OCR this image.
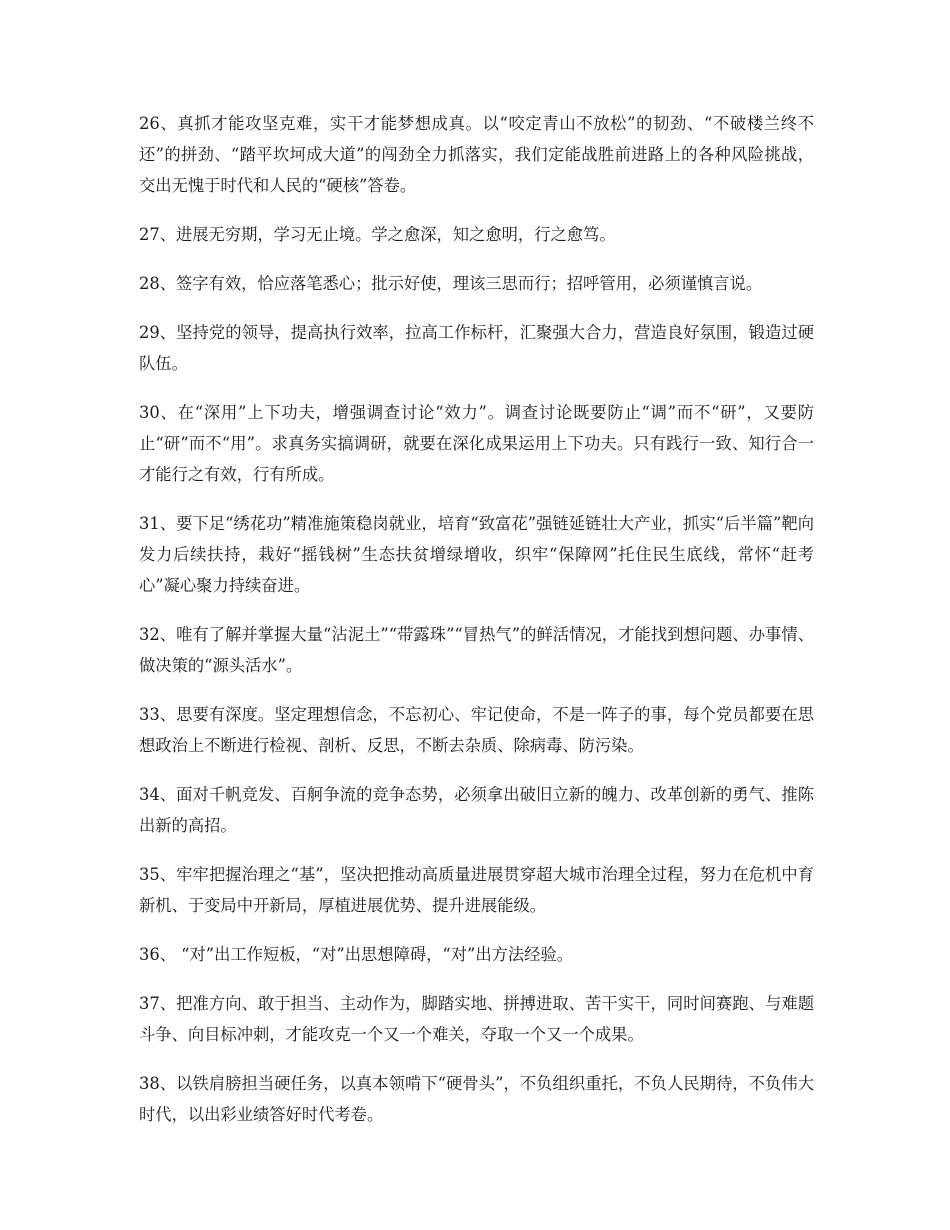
26、真抓才能攻坚克难，实干才能梦想成真。以“咬定青山不放松”的韧劲、“不破楼兰终不还”的拼劲、“踏平坎坷成大道”的闯劲全力抓落实，我们定能战胜前进路上的各种风险挑战，交出无愧于时代和人民的“硬核”答卷。

27、进展无穷期，学习无止境。学之愈深，知之愈明，行之愈笃。

28、签字有效，恰应落笔悉心；批示好使，理该三思而行；招呼管用，必须谨慎言说。

29、坚持党的领导，提高执行效率，拉高工作标杆，汇聚强大合力，营造良好氛围，锻造过硬队伍。

30、在“深用”上下功夫，增强调查讨论“效力”。调查讨论既要防止“调”而不“研”，又要防止“研”而不“用”。求真务实搞调研，就要在深化成果运用上下功夫。只有践行一致、知行合一才能行之有效，行有所成。

31、要下足“绣花功”精准施策稳岗就业，培育“致富花”强链延链壮大产业，抓实“后半篇”靶向发力后续扶持，栽好“摇钱树”生态扶贫增绿增收，织牢“保障网”托住民生底线，常怀“赶考心”凝心聚力持续奋进。

32、唯有了解并掌握大量“沾泥土”“带露珠”“冒热气”的鲜活情况，才能找到想问题、办事情、做决策的“源头活水”。

33、思要有深度。坚定理想信念，不忘初心、牢记使命，不是一阵子的事，每个党员都要在思想政治上不断进行检视、剖析、反思，不断去杂质、除病毒、防污染。

34、面对千帆竞发、百舸争流的竞争态势，必须拿出破旧立新的魄力、改革创新的勇气、推陈出新的高招。

35、牢牢把握治理之“基”，坚决把推动高质量进展贯穿超大城市治理全过程，努力在危机中育新机、于变局中开新局，厚植进展优势、提升进展能级。

36、 “对”出工作短板，“对”出思想障碍，“对”出方法经验。

37、把准方向、敢于担当、主动作为，脚踏实地、拼搏进取、苦干实干，同时间赛跑、与难题斗争、向目标冲刺，才能攻克一个又一个难关，夺取一个又一个成果。

38、以铁肩膀担当硬任务，以真本领啃下“硬骨头”，不负组织重托，不负人民期待，不负伟大时代，以出彩业绩答好时代考卷。
